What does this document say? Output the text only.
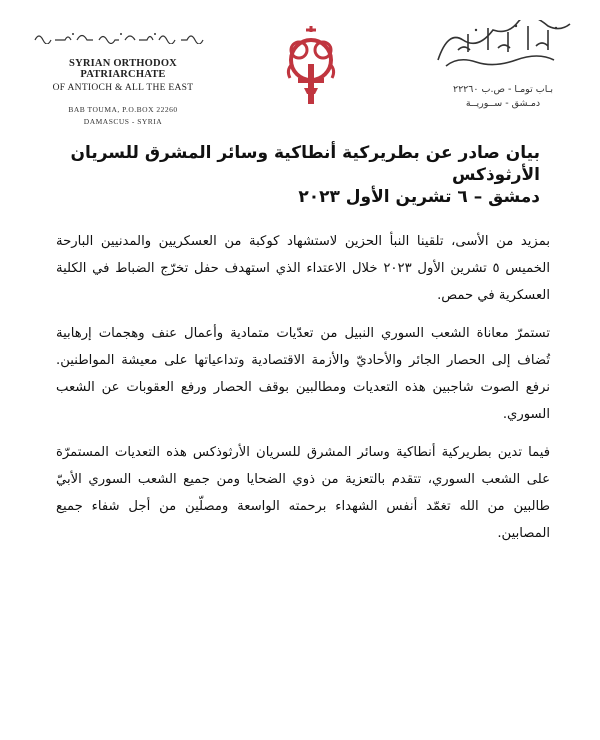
SYRIAN ORTHODOX PATRIARCHATE
OF ANTIOCH & ALL THE EAST
BAB TOUMA, P.O.BOX 22260
DAMASCUS - SYRIA
بـاب تومـا - ص.ب ٢٢٢٦٠
دمـشق - ســوريــة
بيان صادر عن بطريركية أنطاكية وسائر المشرق للسريان الأرثوذكس
دمشق – ٦ تشرين الأول ٢٠٢٣

بمزيد من الأسى، تلقينا النبأ الحزين لاستشهاد كوكبة من العسكريين والمدنيين البارحة الخميس ٥ تشرين الأول ٢٠٢٣ خلال الاعتداء الذي استهدف حفل تخرّج الضباط في الكلية العسكرية في حمص.

تستمرّ معاناة الشعب السوري النبيل من تعدّيات متمادية وأعمال عنف وهجمات إرهابية تُضاف إلى الحصار الجائر والأحاديّ والأزمة الاقتصادية وتداعياتها على معيشة المواطنين. نرفع الصوت شاجبين هذه التعديات ومطالبين بوقف الحصار ورفع العقوبات عن الشعب السوري.

فيما تدين بطريركية أنطاكية وسائر المشرق للسريان الأرثوذكس هذه التعديات المستمرّة على الشعب السوري، تتقدم بالتعزية من ذوي الضحايا ومن جميع الشعب السوري الأبيّ طالبين من الله تغمّد أنفس الشهداء برحمته الواسعة ومصلّين من أجل شفاء جميع المصابين.
